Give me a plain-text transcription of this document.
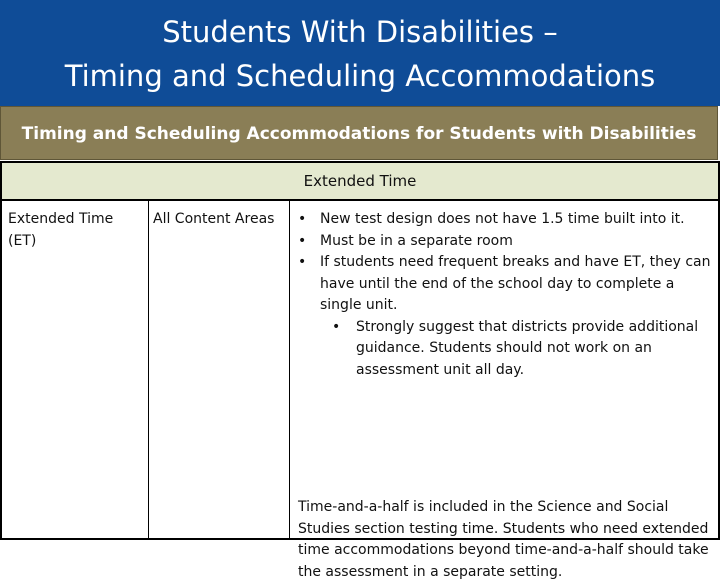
Students With Disabilities –
Timing and Scheduling Accommodations
Timing and Scheduling Accommodations for Students with Disabilities
Extended Time
Extended Time (ET)
All Content Areas	• New test design does not have 1.5 time built into it.
• Must be in a separate room
• If students need frequent breaks and have ET, they can have until the end of the school day to complete a single unit.
• Strongly suggest that districts provide additional guidance. Students should not work on an assessment unit all day.
Time-and-a-half is included in the Science and Social Studies section testing time. Students who need extended time accommodations beyond time-and-a-half should take the assessment in a separate setting.
